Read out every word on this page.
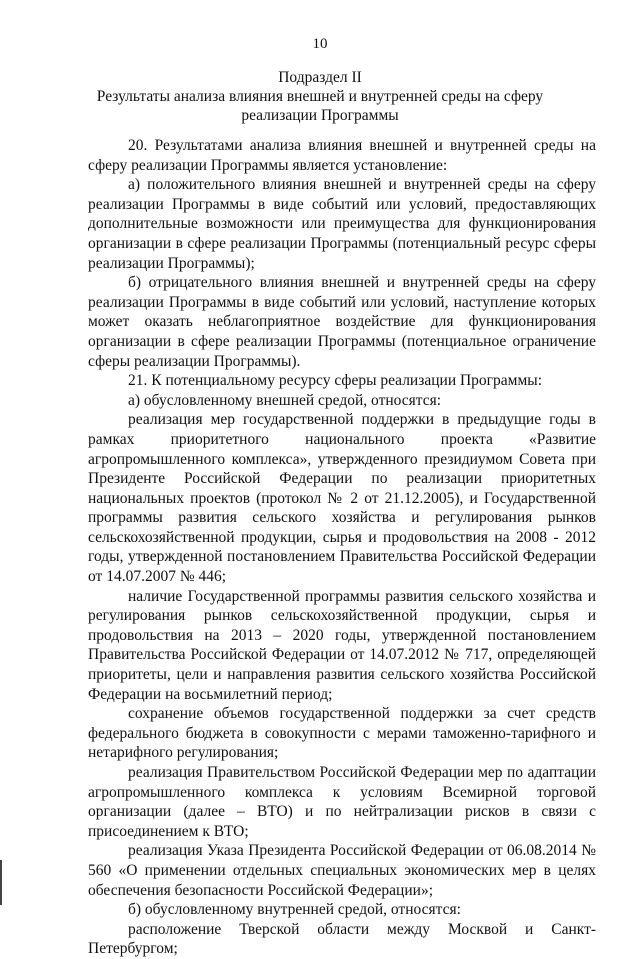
10
Подраздел II
Результаты анализа влияния внешней и внутренней среды на сферу
реализации Программы

20. Результатами анализа влияния внешней и внутренней среды на сферу реализации Программы является установление:

а) положительного влияния внешней и внутренней среды на сферу реализации Программы в виде событий или условий, предоставляющих дополнительные возможности или преимущества для функционирования организации в сфере реализации Программы (потенциальный ресурс сферы реализации Программы);

б) отрицательного влияния внешней и внутренней среды на сферу реализации Программы в виде событий или условий, наступление которых может оказать неблагоприятное воздействие для функционирования организации в сфере реализации Программы (потенциальное ограничение сферы реализации Программы).

21. К потенциальному ресурсу сферы реализации Программы:

а) обусловленному внешней средой, относятся:

реализация мер государственной поддержки в предыдущие годы в рамках приоритетного национального проекта «Развитие агропромышленного комплекса», утвержденного президиумом Совета при Президенте Российской Федерации по реализации приоритетных национальных проектов (протокол № 2 от 21.12.2005), и Государственной программы развития сельского хозяйства и регулирования рынков сельскохозяйственной продукции, сырья и продовольствия на 2008 - 2012 годы, утвержденной постановлением Правительства Российской Федерации от 14.07.2007 № 446;

наличие Государственной программы развития сельского хозяйства и регулирования рынков сельскохозяйственной продукции, сырья и продовольствия на 2013 – 2020 годы, утвержденной постановлением Правительства Российской Федерации от 14.07.2012 № 717, определяющей приоритеты, цели и направления развития сельского хозяйства Российской Федерации на восьмилетний период;

сохранение объемов государственной поддержки за счет средств федерального бюджета в совокупности с мерами таможенно-тарифного и нетарифного регулирования;

реализация Правительством Российской Федерации мер по адаптации агропромышленного комплекса к условиям Всемирной торговой организации (далее – ВТО) и по нейтрализации рисков в связи с присоединением к ВТО;

реализация Указа Президента Российской Федерации от 06.08.2014 № 560 «О применении отдельных специальных экономических мер в целях обеспечения безопасности Российской Федерации»;

б) обусловленному внутренней средой, относятся:

расположение Тверской области между Москвой и Санкт-Петербургом;
